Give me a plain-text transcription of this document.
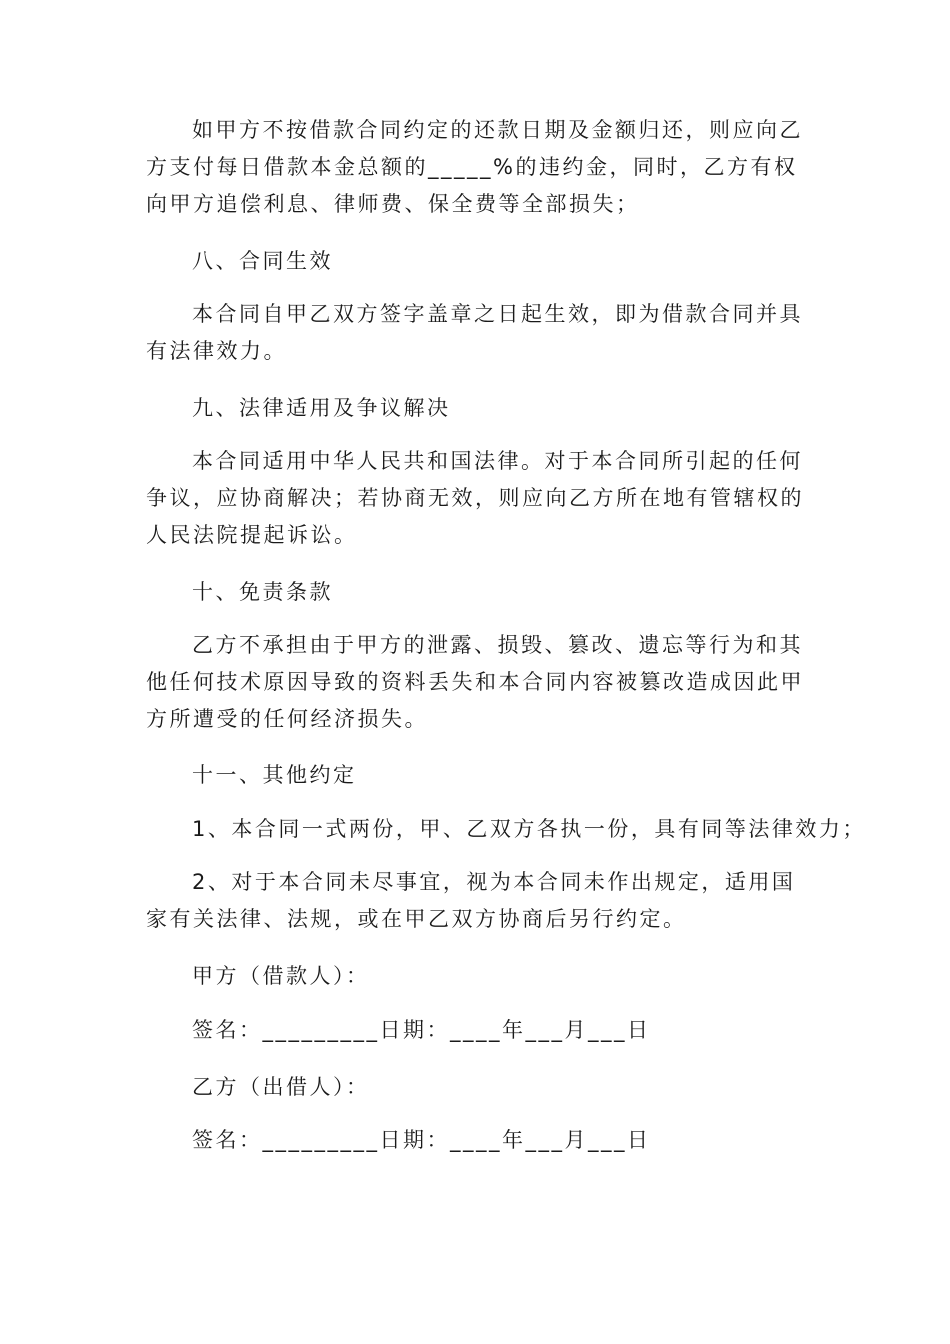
如甲方不按借款合同约定的还款日期及金额归还，则应向乙方支付每日借款本金总额的_____%的违约金，同时，乙方有权向甲方追偿利息、律师费、保全费等全部损失；

八、合同生效

本合同自甲乙双方签字盖章之日起生效，即为借款合同并具有法律效力。

九、法律适用及争议解决

本合同适用中华人民共和国法律。对于本合同所引起的任何争议，应协商解决；若协商无效，则应向乙方所在地有管辖权的人民法院提起诉讼。

十、免责条款

乙方不承担由于甲方的泄露、损毁、篡改、遗忘等行为和其他任何技术原因导致的资料丢失和本合同内容被篡改造成因此甲方所遭受的任何经济损失。

十一、其他约定

1、本合同一式两份，甲、乙双方各执一份，具有同等法律效力；

2、对于本合同未尽事宜，视为本合同未作出规定，适用国家有关法律、法规，或在甲乙双方协商后另行约定。

甲方（借款人）：

签名：_________日期：____年___月___日

乙方（出借人）：

签名：_________日期：____年___月___日
